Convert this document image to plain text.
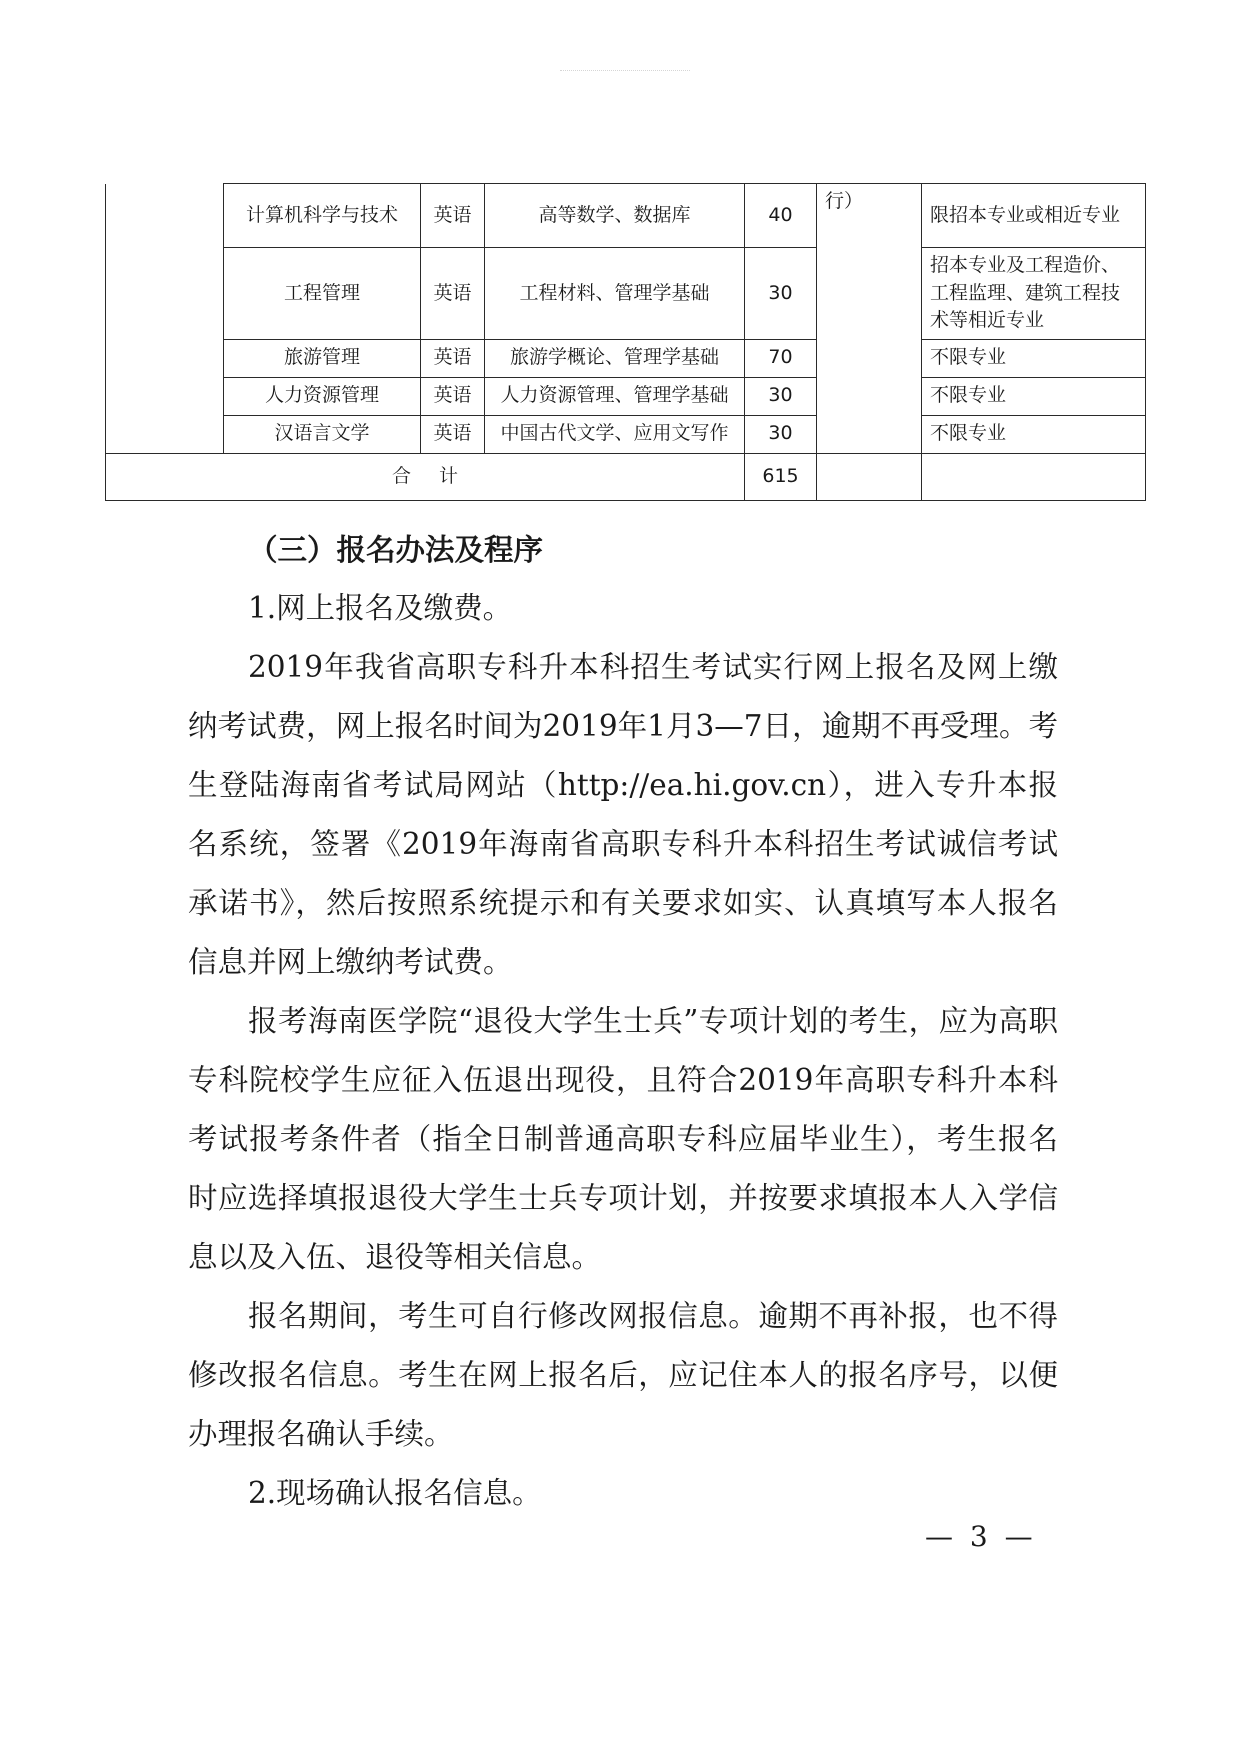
	计算机科学与技术	英语	高等数学、数据库	40	行）	限招本专业或相近专业
	工程管理	英语	工程材料、管理学基础	30		招本专业及工程造价、工程监理、建筑工程技术等相近专业
	旅游管理	英语	旅游学概论、管理学基础	70		不限专业
	人力资源管理	英语	人力资源管理、管理学基础	30		不限专业
	汉语言文学	英语	中国古代文学、应用文写作	30		不限专业
合计				615		

（三）报名办法及程序

1.网上报名及缴费。

2019年我省高职专科升本科招生考试实行网上报名及网上缴纳考试费，网上报名时间为2019年1月3—7日，逾期不再受理。考生登陆海南省考试局网站（http://ea.hi.gov.cn），进入专升本报名系统，签署《2019年海南省高职专科升本科招生考试诚信考试承诺书》，然后按照系统提示和有关要求如实、认真填写本人报名信息并网上缴纳考试费。

报考海南医学院“退役大学生士兵”专项计划的考生，应为高职专科院校学生应征入伍退出现役，且符合2019年高职专科升本科考试报考条件者（指全日制普通高职专科应届毕业生），考生报名时应选择填报退役大学生士兵专项计划，并按要求填报本人入学信息以及入伍、退役等相关信息。

报名期间，考生可自行修改网报信息。逾期不再补报，也不得修改报名信息。考生在网上报名后，应记住本人的报名序号，以便办理报名确认手续。

2.现场确认报名信息。

— 3 —
